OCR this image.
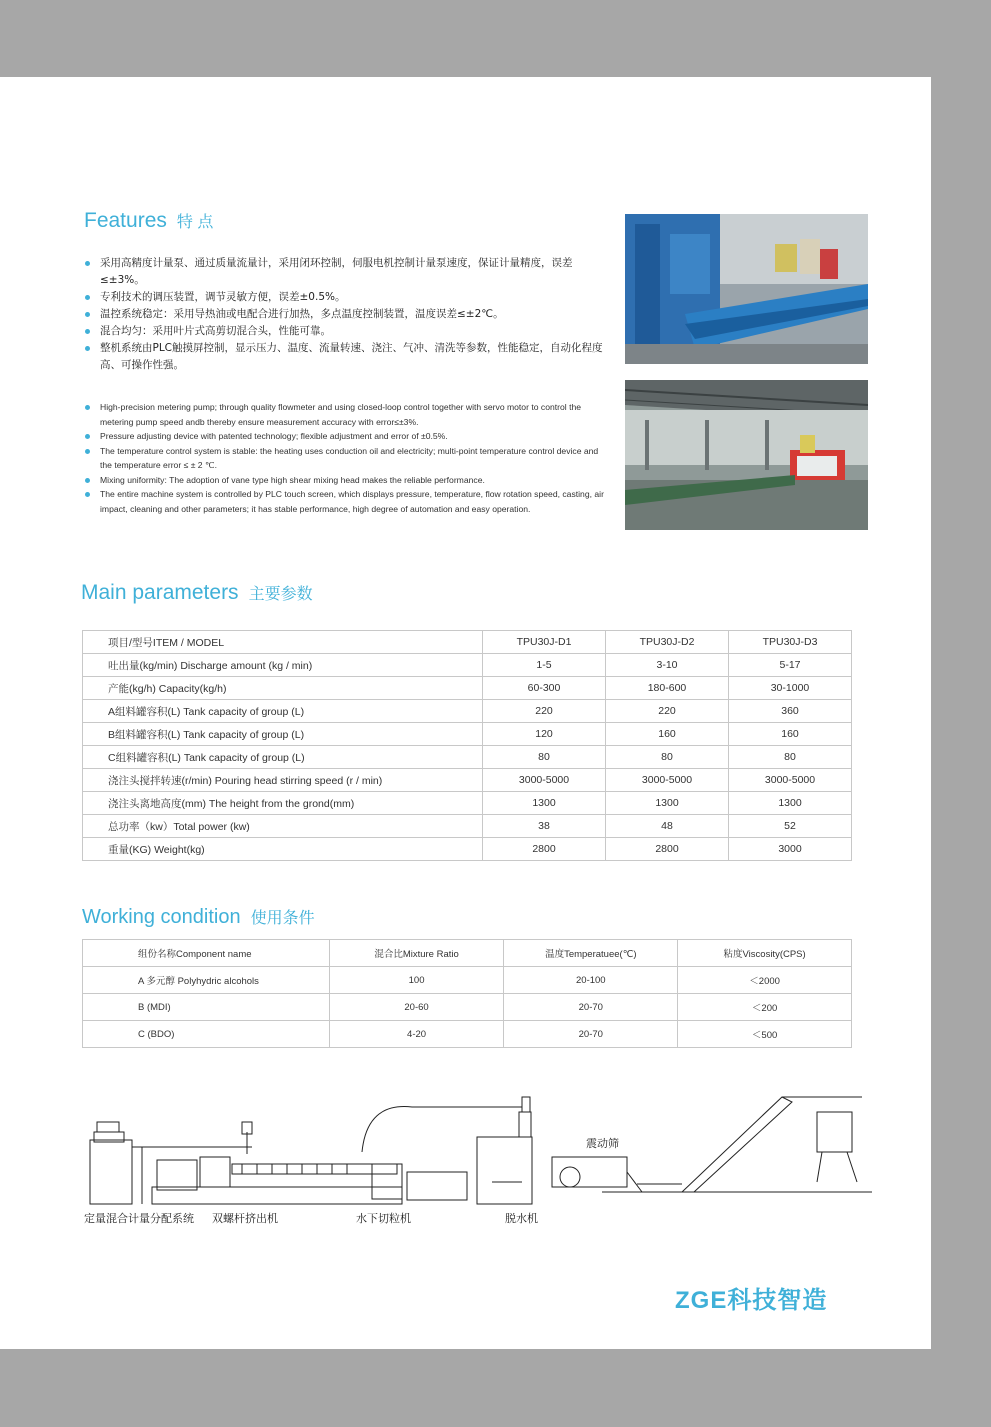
Features 特 点
采用高精度计量泵、通过质量流量计，采用闭环控制，伺服电机控制计量泵速度，保证计量精度，误差≤±3%。
专利技术的调压装置，调节灵敏方便，误差±0.5%。
温控系统稳定：采用导热油或电配合进行加热，多点温度控制装置，温度误差≤±2℃。
混合均匀：采用叶片式高剪切混合头，性能可靠。
整机系统由PLC触摸屏控制，显示压力、温度、流量转速、浇注、气冲、清洗等参数，性能稳定，自动化程度高、可操作性强。
High-precision metering pump; through quality flowmeter and using closed-loop control together with servo motor to control the metering pump speed andb thereby ensure measurement accuracy with error≤±3%.
Pressure adjusting device with patented technology; flexible adjustment and error of ±0.5%.
The temperature control system is stable: the heating uses conduction oil and electricity; multi-point temperature control device and the temperature error ≤ ± 2 ℃.
Mixing uniformity: The adoption of vane type high shear mixing head makes the reliable performance.
The entire machine system is controlled by PLC touch screen, which displays pressure, temperature, flow rotation speed, casting, air impact, cleaning and other parameters; it has stable performance, high degree of automation and easy operation.
Main parameters 主要参数
项目/型号ITEM / MODEL	TPU30J-D1	TPU30J-D2	TPU30J-D3
吐出量(kg/min) Discharge amount (kg / min)	1-5	3-10	5-17
产能(kg/h) Capacity(kg/h)	60-300	180-600	30-1000
A组料罐容积(L) Tank capacity of group (L)	220	220	360
B组料罐容积(L) Tank capacity of group (L)	120	160	160
C组料罐容积(L) Tank capacity of group (L)	80	80	80
浇注头搅拌转速(r/min) Pouring head stirring speed (r / min)	3000-5000	3000-5000	3000-5000
浇注头离地高度(mm) The height from the grond(mm)	1300	1300	1300
总功率（kw）Total power (kw)	38	48	52
重量(KG) Weight(kg)	2800	2800	3000
Working condition 使用条件
组份名称Component name	混合比Mixture Ratio	温度Temperatuee(℃)	粘度Viscosity(CPS)
A 多元醇 Polyhydric alcohols	100	20-100	＜2000
B (MDI)	20-60	20-70	＜200
C (BDO)	4-20	20-70	＜500
定量混合计量分配系统 双螺杆挤出机	水下切粒机	脱水机
震动筛
ZGE科技智造
